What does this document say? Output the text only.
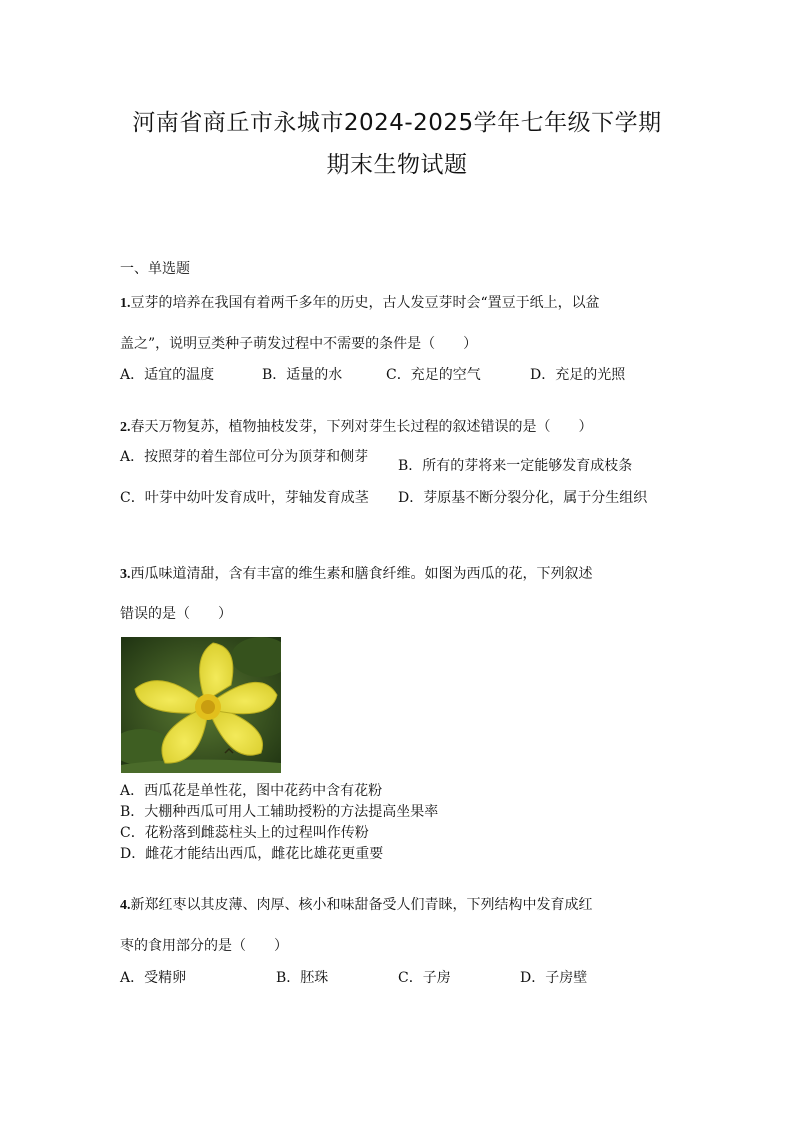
河南省商丘市永城市2024-2025学年七年级下学期
期末生物试题
一、单选题
1.豆芽的培养在我国有着两千多年的历史，古人发豆芽时会“置豆于纸上，以盆
盖之”，说明豆类种子萌发过程中不需要的条件是（　　）
A．适宜的温度	B．适量的水	C．充足的空气	D．充足的光照
2.春天万物复苏，植物抽枝发芽，下列对芽生长过程的叙述错误的是（　　）
A．按照芽的着生部位可分为顶芽和侧芽
B．所有的芽将来一定能够发育成枝条
C．叶芽中幼叶发育成叶，芽轴发育成茎	D．芽原基不断分裂分化，属于分生组织
3.西瓜味道清甜，含有丰富的维生素和膳食纤维。如图为西瓜的花，下列叙述
错误的是（　　）
A．西瓜花是单性花，图中花药中含有花粉
B．大棚种西瓜可用人工辅助授粉的方法提高坐果率
C．花粉落到雌蕊柱头上的过程叫作传粉
D．雌花才能结出西瓜，雌花比雄花更重要
4.新郑红枣以其皮薄、肉厚、核小和味甜备受人们青睐，下列结构中发育成红
枣的食用部分的是（　　）
A．受精卵	B．胚珠	C．子房	D．子房壁
